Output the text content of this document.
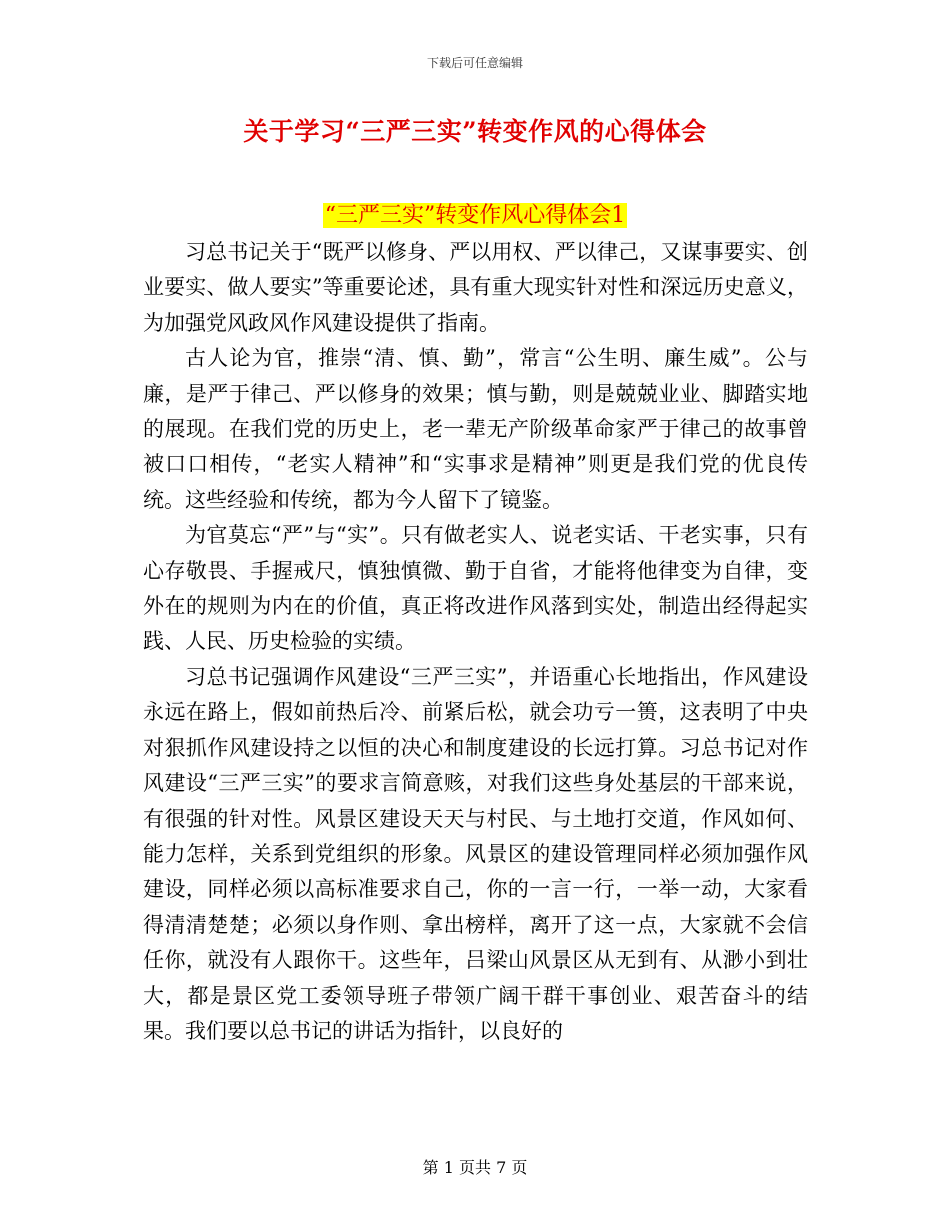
下载后可任意编辑
关于学习“三严三实”转变作风的心得体会
“三严三实”转变作风心得体会1

习总书记关于“既严以修身、严以用权、严以律己，又谋事要实、创业要实、做人要实”等重要论述，具有重大现实针对性和深远历史意义，为加强党风政风作风建设提供了指南。

古人论为官，推崇“清、慎、勤”，常言“公生明、廉生威”。公与廉，是严于律己、严以修身的效果；慎与勤，则是兢兢业业、脚踏实地的展现。在我们党的历史上，老一辈无产阶级革命家严于律己的故事曾被口口相传，“老实人精神”和“实事求是精神”则更是我们党的优良传统。这些经验和传统，都为今人留下了镜鉴。

为官莫忘“严”与“实”。只有做老实人、说老实话、干老实事，只有心存敬畏、手握戒尺，慎独慎微、勤于自省，才能将他律变为自律，变外在的规则为内在的价值，真正将改进作风落到实处，制造出经得起实践、人民、历史检验的实绩。

习总书记强调作风建设“三严三实”，并语重心长地指出，作风建设永远在路上，假如前热后冷、前紧后松，就会功亏一篑，这表明了中央对狠抓作风建设持之以恒的决心和制度建设的长远打算。习总书记对作风建设“三严三实”的要求言简意赅，对我们这些身处基层的干部来说，有很强的针对性。风景区建设天天与村民、与土地打交道，作风如何、能力怎样，关系到党组织的形象。风景区的建设管理同样必须加强作风建设，同样必须以高标准要求自己，你的一言一行，一举一动，大家看得清清楚楚；必须以身作则、拿出榜样，离开了这一点，大家就不会信任你，就没有人跟你干。这些年，吕梁山风景区从无到有、从渺小到壮大，都是景区党工委领导班子带领广阔干群干事创业、艰苦奋斗的结果。我们要以总书记的讲话为指针，以良好的

第 1 页共 7 页
